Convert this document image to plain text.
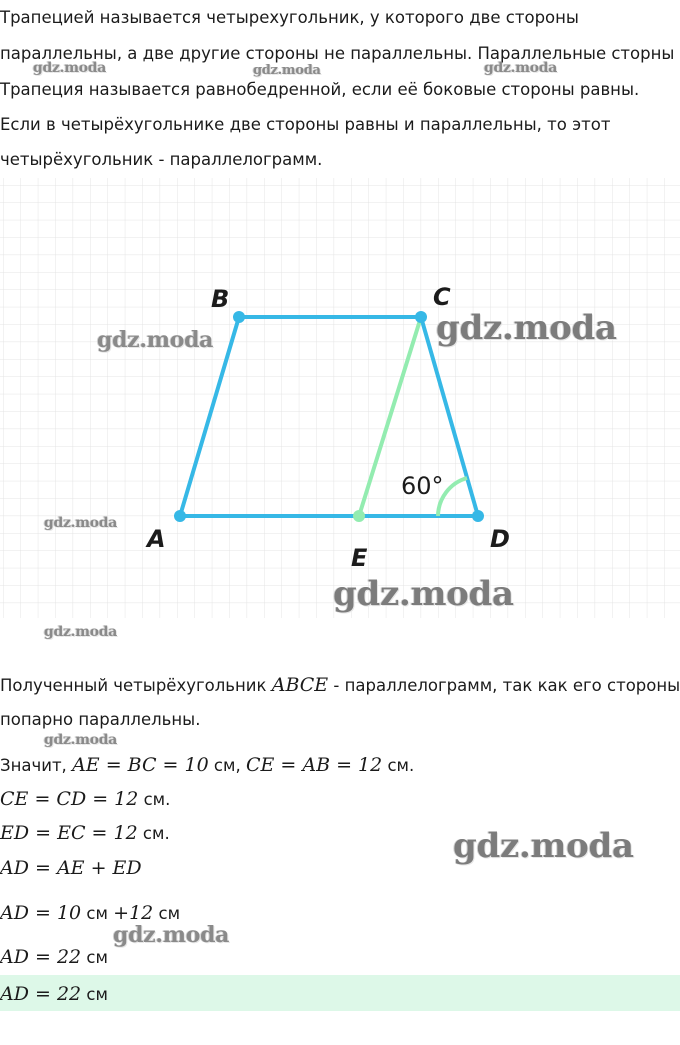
Трапецией называется четырехугольник, у которого две стороны
параллельны, а две другие стороны не параллельны. Параллельные сторны
Трапеция называется равнобедренной, если её боковые стороны равны.
Если в четырёхугольнике две стороны равны и параллельны, то этот
четырёхугольник - параллелограмм.
A
B	C
D
E
60°
Полученный четырёхугольник ABCE - параллелограмм, так как его стороны
попарно параллельны.
Значит, AE = BC = 10 см, CE = AB = 12 см.
CE = CD = 12 см.
ED = EC = 12 см.
AD = AE + ED
AD = 10 см +12 см
AD = 22 см
AD = 22 см
gdz.moda	gdz.moda	gdz.moda
gdz.moda	gdz.moda
gdz.moda
gdz.moda
gdz.moda
gdz.moda
gdz.moda
gdz.moda
